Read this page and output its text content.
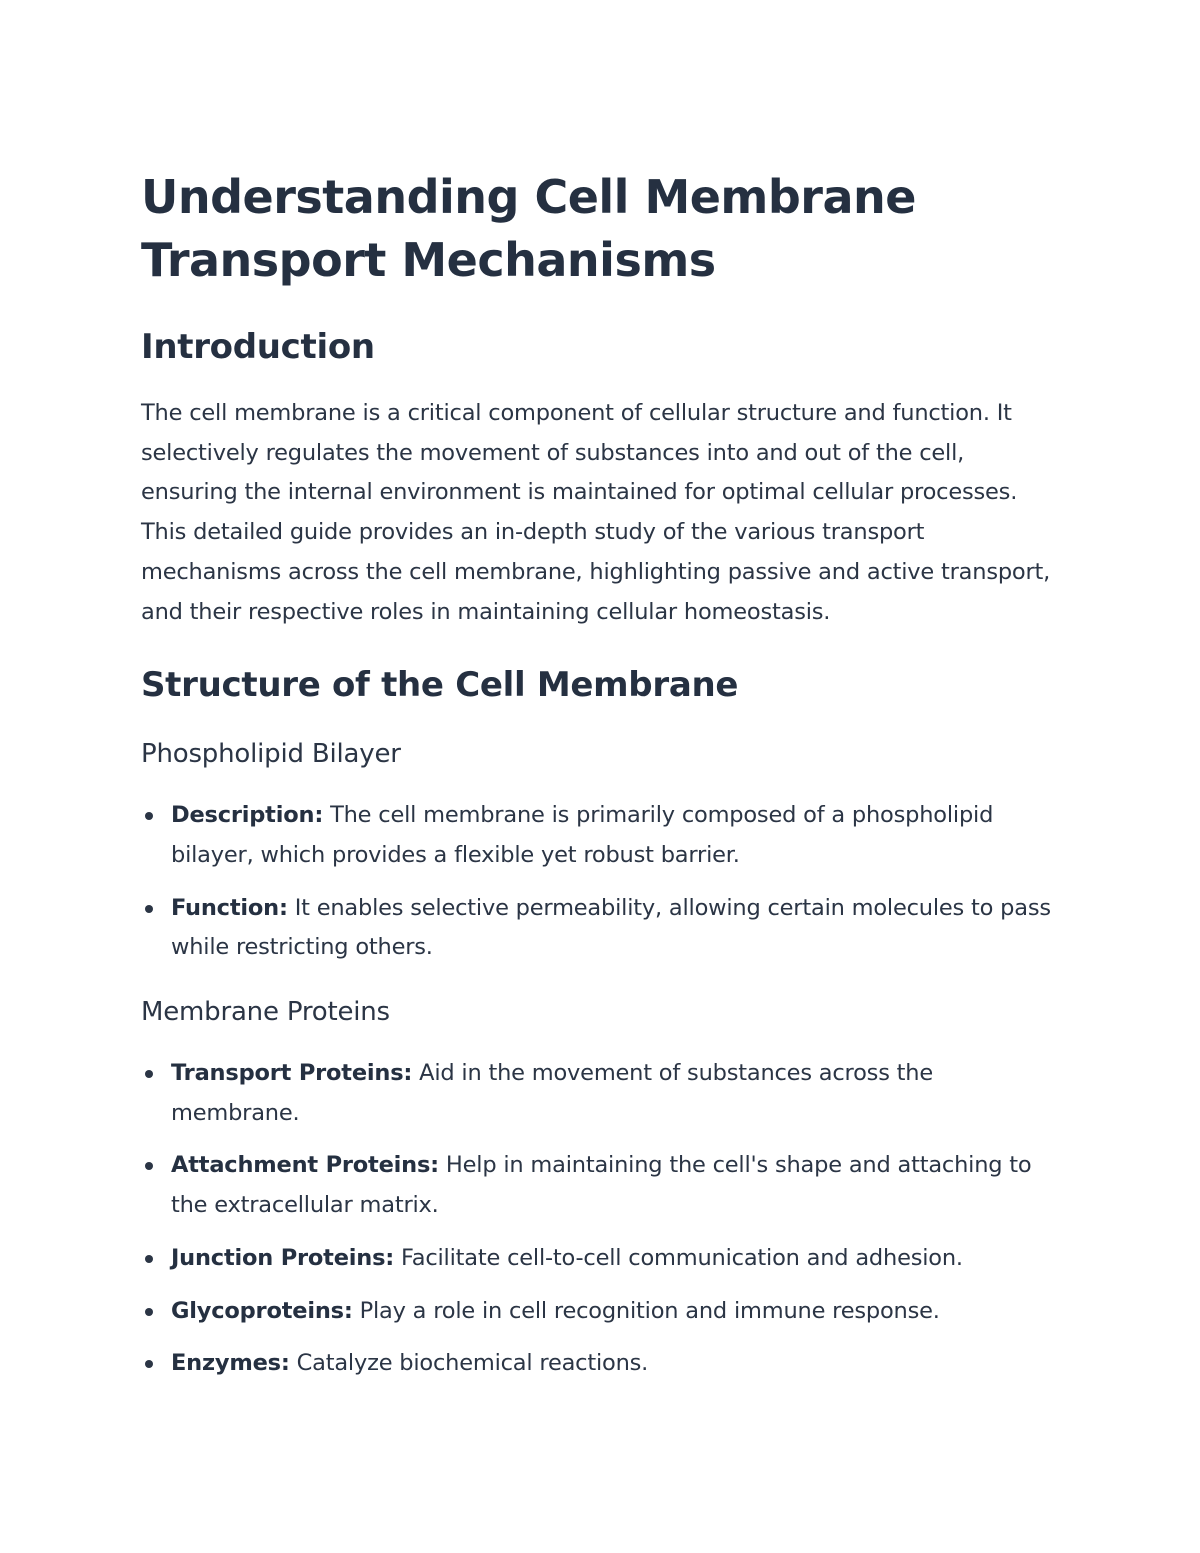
Understanding Cell Membrane Transport Mechanisms
Introduction

The cell membrane is a critical component of cellular structure and function. It selectively regulates the movement of substances into and out of the cell, ensuring the internal environment is maintained for optimal cellular processes. This detailed guide provides an in-depth study of the various transport mechanisms across the cell membrane, highlighting passive and active transport, and their respective roles in maintaining cellular homeostasis.

Structure of the Cell Membrane
Phospholipid Bilayer
Description: The cell membrane is primarily composed of a phospholipid bilayer, which provides a flexible yet robust barrier.
Function: It enables selective permeability, allowing certain molecules to pass while restricting others.
Membrane Proteins
Transport Proteins: Aid in the movement of substances across the membrane.
Attachment Proteins: Help in maintaining the cell's shape and attaching to the extracellular matrix.
Junction Proteins: Facilitate cell-to-cell communication and adhesion.
Glycoproteins: Play a role in cell recognition and immune response.
Enzymes: Catalyze biochemical reactions.
